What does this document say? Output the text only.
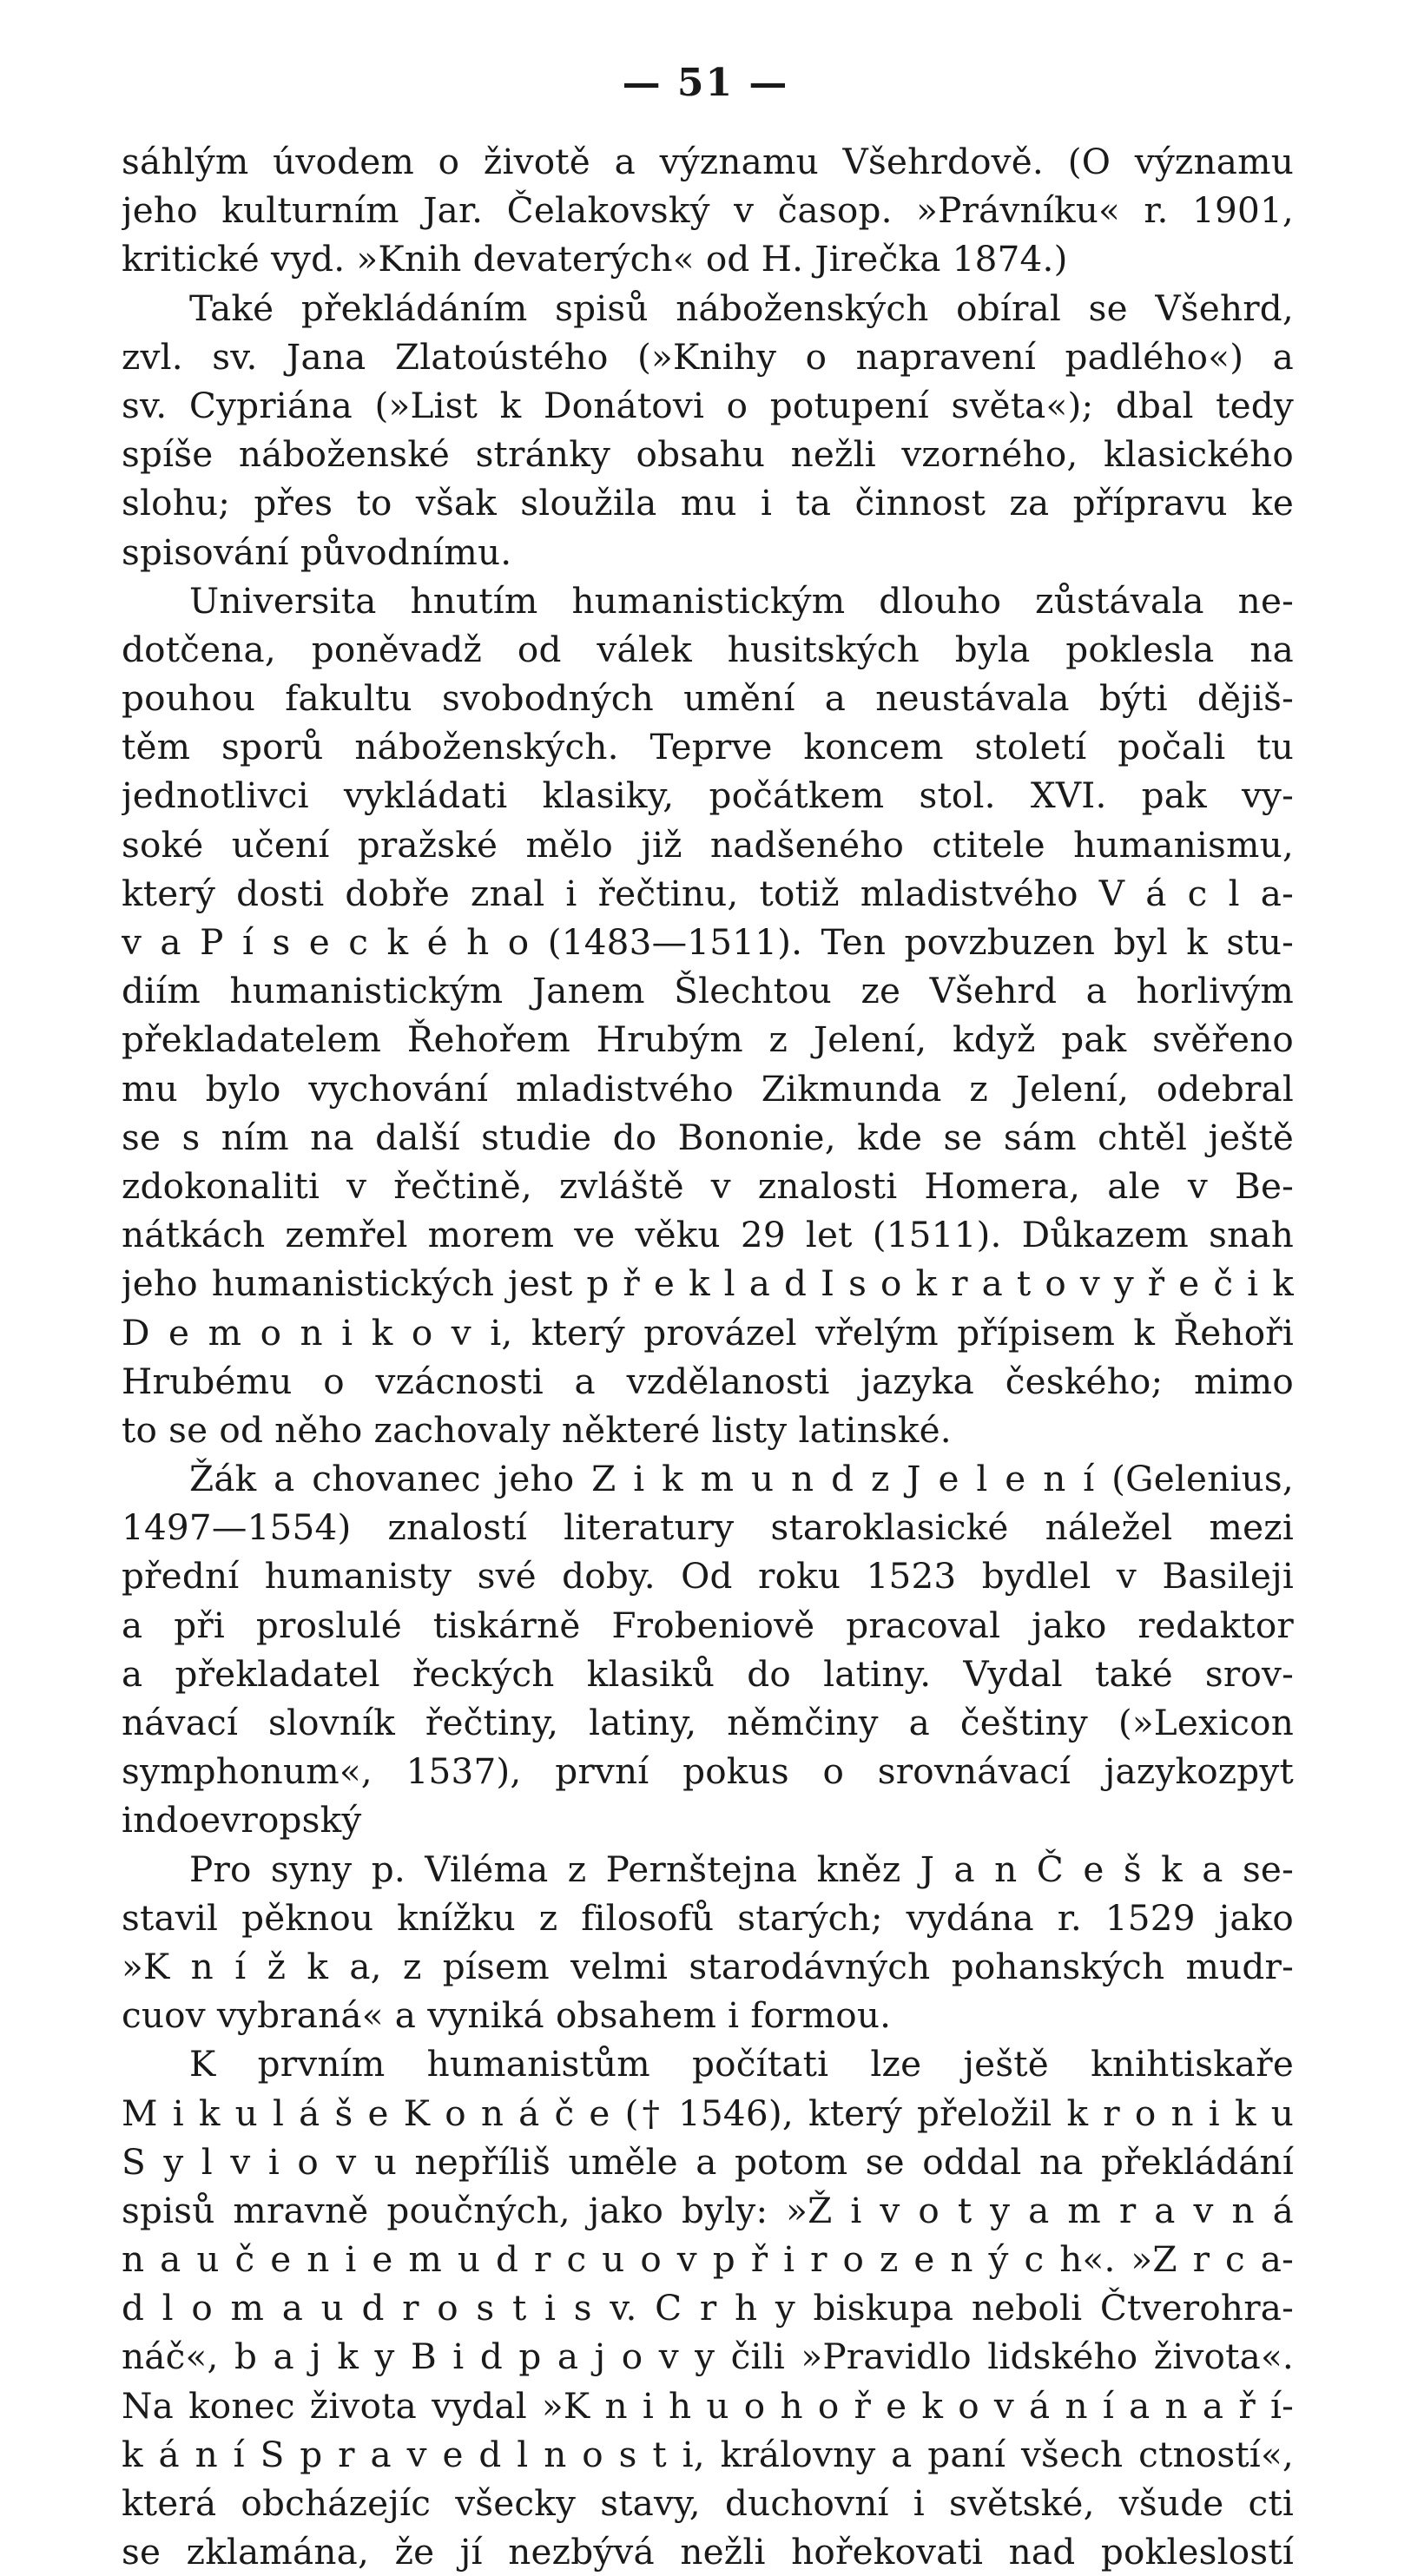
— 51 —
sáhlým úvodem o životě a významu Všehrdově. (O významu
jeho kulturním Jar. Čelakovský v časop. »Právníku« r. 1901,
kritické vyd. »Knih devaterých« od H. Jirečka 1874.)
Také překládáním spisů náboženských obíral se Všehrd,
zvl. sv. Jana Zlatoústého (»Knihy o napravení padlého«) a
sv. Cypriána (»List k Donátovi o potupení světa«); dbal tedy
spíše náboženské stránky obsahu nežli vzorného, klasického
slohu; přes to však sloužila mu i ta činnost za přípravu ke
spisování původnímu.
Universita hnutím humanistickým dlouho zůstávala ne-
dotčena, poněvadž od válek husitských byla poklesla na
pouhou fakultu svobodných umění a neustávala býti dějiš-
těm sporů náboženských. Teprve koncem století počali tu
jednotlivci vykládati klasiky, počátkem stol. XVI. pak vy-
soké učení pražské mělo již nadšeného ctitele humanismu,
který dosti dobře znal i řečtinu, totiž mladistvého V á c l a-
v a P í s e c k é h o (1483—1511). Ten povzbuzen byl k stu-
diím humanistickým Janem Šlechtou ze Všehrd a horlivým
překladatelem Řehořem Hrubým z Jelení, když pak svěřeno
mu bylo vychování mladistvého Zikmunda z Jelení, odebral
se s ním na další studie do Bononie, kde se sám chtěl ještě
zdokonaliti v řečtině, zvláště v znalosti Homera, ale v Be-
nátkách zemřel morem ve věku 29 let (1511). Důkazem snah
jeho humanistických jest p ř e k l a d I s o k r a t o v y ř e č i k
D e m o n i k o v i, který provázel vřelým přípisem k Řehoři
Hrubému o vzácnosti a vzdělanosti jazyka českého; mimo
to se od něho zachovaly některé listy latinské.
Žák a chovanec jeho Z i k m u n d z J e l e n í (Gelenius,
1497—1554) znalostí literatury staroklasické náležel mezi
přední humanisty své doby. Od roku 1523 bydlel v Basileji
a při proslulé tiskárně Frobeniově pracoval jako redaktor
a překladatel řeckých klasiků do latiny. Vydal také srov-
návací slovník řečtiny, latiny, němčiny a češtiny (»Lexicon
symphonum«, 1537), první pokus o srovnávací jazykozpyt
indoevropský
Pro syny p. Viléma z Pernštejna kněz J a n Č e š k a se-
stavil pěknou knížku z filosofů starých; vydána r. 1529 jako
»K n í ž k a, z písem velmi starodávných pohanských mudr-
cuov vybraná« a vyniká obsahem i formou.
K prvním humanistům počítati lze ještě knihtiskaře
M i k u l á š e K o n á č e († 1546), který přeložil k r o n i k u
S y l v i o v u nepříliš uměle a potom se oddal na překládání
spisů mravně poučných, jako byly: »Ž i v o t y a m r a v n á
n a u č e n i e m u d r c u o v p ř i r o z e n ý c h«. »Z r c a-
d l o m a u d r o s t i s v. C r h y biskupa neboli Čtverohra-
náč«, b a j k y B i d p a j o v y čili »Pravidlo lidského života«.
Na konec života vydal »K n i h u o h o ř e k o v á n í a n a ř í-
k á n í S p r a v e d l n o s t i, královny a paní všech ctností«,
která obcházejíc všecky stavy, duchovní i světské, všude cti
se zklamána, že jí nezbývá nežli hořekovati nad pokleslostí
